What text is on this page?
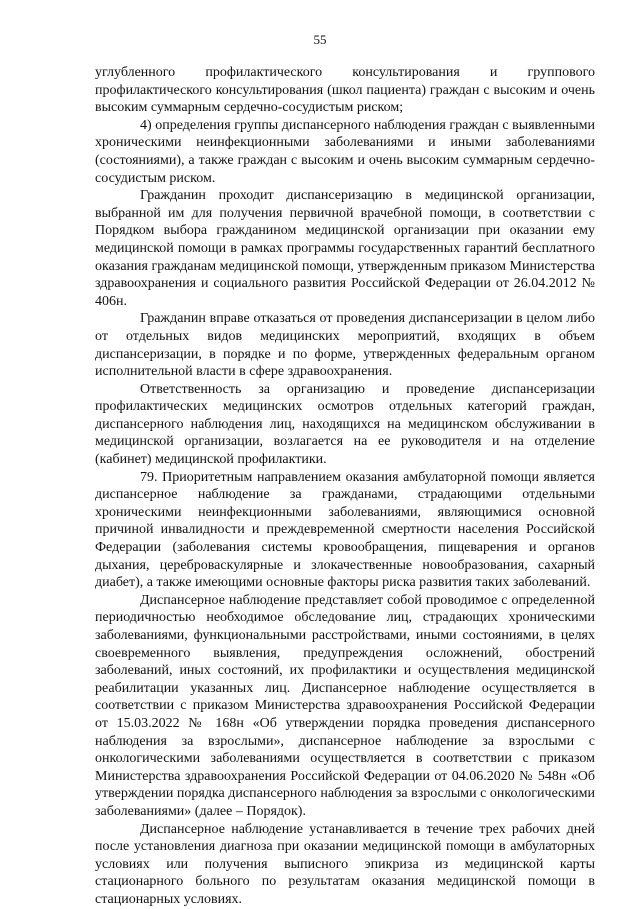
55

углубленного профилактического консультирования и группового профилактического консультирования (школ пациента) граждан с высоким и очень высоким суммарным сердечно-сосудистым риском;

4) определения группы диспансерного наблюдения граждан с выявленными хроническими неинфекционными заболеваниями и иными заболеваниями (состояниями), а также граждан с высоким и очень высоким суммарным сердечно-сосудистым риском.

Гражданин проходит диспансеризацию в медицинской организации, выбранной им для получения первичной врачебной помощи, в соответствии с Порядком выбора гражданином медицинской организации при оказании ему медицинской помощи в рамках программы государственных гарантий бесплатного оказания гражданам медицинской помощи, утвержденным приказом Министерства здравоохранения и социального развития Российской Федерации от 26.04.2012 № 406н.

Гражданин вправе отказаться от проведения диспансеризации в целом либо от отдельных видов медицинских мероприятий, входящих в объем диспансеризации, в порядке и по форме, утвержденных федеральным органом исполнительной власти в сфере здравоохранения.

Ответственность за организацию и проведение диспансеризации профилактических медицинских осмотров отдельных категорий граждан, диспансерного наблюдения лиц, находящихся на медицинском обслуживании в медицинской организации, возлагается на ее руководителя и на отделение (кабинет) медицинской профилактики.

79. Приоритетным направлением оказания амбулаторной помощи является диспансерное наблюдение за гражданами, страдающими отдельными хроническими неинфекционными заболеваниями, являющимися основной причиной инвалидности и преждевременной смертности населения Российской Федерации (заболевания системы кровообращения, пищеварения и органов дыхания, цереброваскулярные и злокачественные новообразования, сахарный диабет), а также имеющими основные факторы риска развития таких заболеваний.

Диспансерное наблюдение представляет собой проводимое с определенной периодичностью необходимое обследование лиц, страдающих хроническими заболеваниями, функциональными расстройствами, иными состояниями, в целях своевременного выявления, предупреждения осложнений, обострений заболеваний, иных состояний, их профилактики и осуществления медицинской реабилитации указанных лиц. Диспансерное наблюдение осуществляется в соответствии с приказом Министерства здравоохранения Российской Федерации от 15.03.2022 № 168н «Об утверждении порядка проведения диспансерного наблюдения за взрослыми», диспансерное наблюдение за взрослыми с онкологическими заболеваниями осуществляется в соответствии с приказом Министерства здравоохранения Российской Федерации от 04.06.2020 № 548н «Об утверждении порядка диспансерного наблюдения за взрослыми с онкологическими заболеваниями» (далее – Порядок).

Диспансерное наблюдение устанавливается в течение трех рабочих дней после установления диагноза при оказании медицинской помощи в амбулаторных условиях или получения выписного эпикриза из медицинской карты стационарного больного по результатам оказания медицинской помощи в стационарных условиях.
